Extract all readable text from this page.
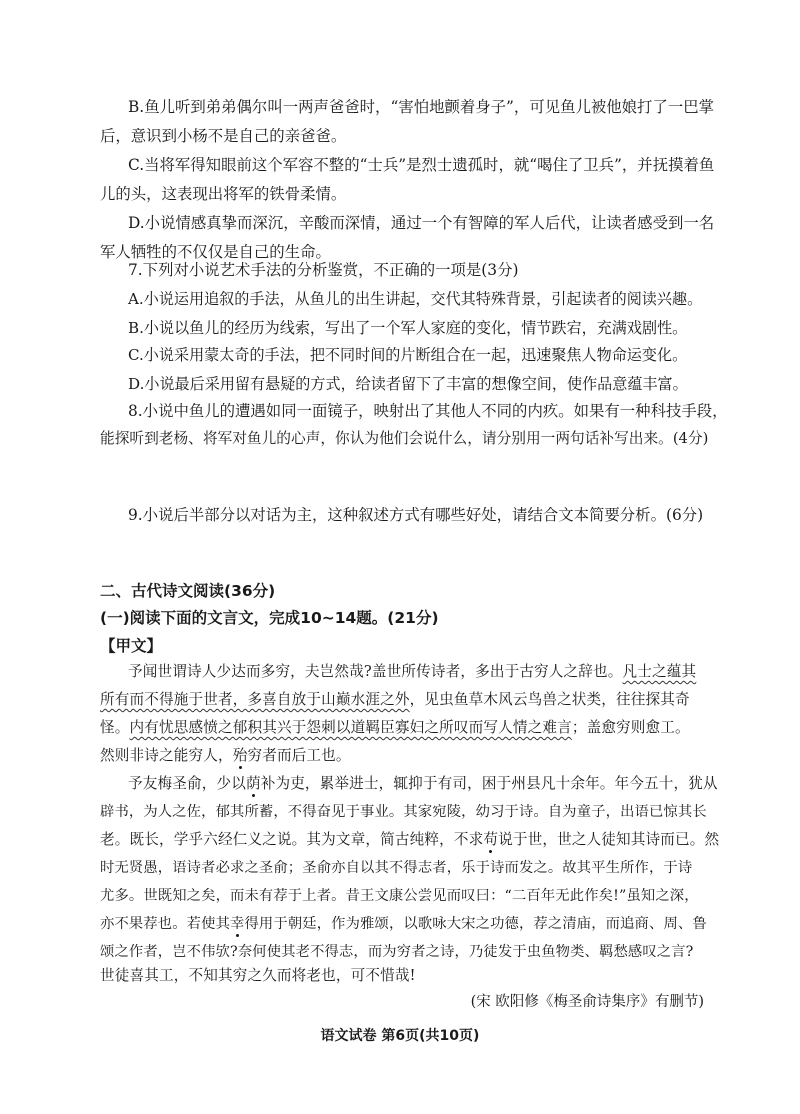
B.鱼儿听到弟弟偶尔叫一两声爸爸时，“害怕地颤着身子”，可见鱼儿被他娘打了一巴掌

后，意识到小杨不是自己的亲爸爸。

C.当将军得知眼前这个军容不整的“士兵”是烈士遗孤时，就“喝住了卫兵”，并抚摸着鱼

儿的头，这表现出将军的铁骨柔情。

D.小说情感真挚而深沉，辛酸而深情，通过一个有智障的军人后代，让读者感受到一名

军人牺牲的不仅仅是自己的生命。

7.下列对小说艺术手法的分析鉴赏，不正确的一项是(3分)

A.小说运用追叙的手法，从鱼儿的出生讲起，交代其特殊背景，引起读者的阅读兴趣。

B.小说以鱼儿的经历为线索，写出了一个军人家庭的变化，情节跌宕，充满戏剧性。

C.小说采用蒙太奇的手法，把不同时间的片断组合在一起，迅速聚焦人物命运变化。

D.小说最后采用留有悬疑的方式，给读者留下了丰富的想像空间，使作品意蕴丰富。

8.小说中鱼儿的遭遇如同一面镜子，映射出了其他人不同的内疚。如果有一种科技手段，

能探听到老杨、将军对鱼儿的心声，你认为他们会说什么，请分别用一两句话补写出来。(4分)

9.小说后半部分以对话为主，这种叙述方式有哪些好处，请结合文本简要分析。(6分)

二、古代诗文阅读(36分)

(一)阅读下面的文言文，完成10~14题。(21分)

【甲文】

予闻世谓诗人少达而多穷，夫岂然哉?盖世所传诗者，多出于古穷人之辞也。凡士之蕴其

所有而不得施于世者，多喜自放于山巅水涯之外，见虫鱼草木风云鸟兽之状类，往往探其奇

怪。内有忧思感愤之郁积其兴于怨刺以道羁臣寡妇之所叹而写人情之难言；盖愈穷则愈工。

然则非诗之能穷人，殆穷者而后工也。

予友梅圣俞，少以荫补为吏，累举进士，辄抑于有司，困于州县凡十余年。年今五十，犹从

辟书，为人之佐，郁其所蓄，不得奋见于事业。其家宛陵，幼习于诗。自为童子，出语已惊其长

老。既长，学乎六经仁义之说。其为文章，简古纯粹，不求苟说于世，世之人徒知其诗而已。然

时无贤愚，语诗者必求之圣俞；圣俞亦自以其不得志者，乐于诗而发之。故其平生所作，于诗

尤多。世既知之矣，而未有荐于上者。昔王文康公尝见而叹曰：“二百年无此作矣!”虽知之深，

亦不果荐也。若使其幸得用于朝廷，作为雅颂，以歌咏大宋之功德，荐之清庙，而追商、周、鲁

颂之作者，岂不伟欤?奈何使其老不得志，而为穷者之诗，乃徒发于虫鱼物类、羁愁感叹之言?

世徒喜其工，不知其穷之久而将老也，可不惜哉!

(宋 欧阳修《梅圣俞诗集序》有删节)

语文试卷 第6页(共10页)
